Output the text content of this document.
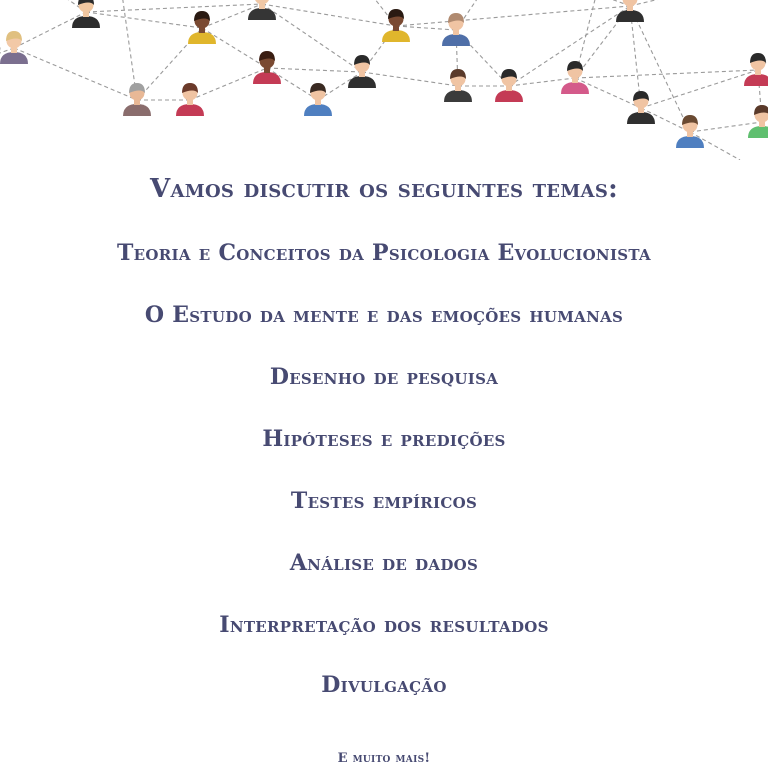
Vamos discutir os seguintes temas:
Teoria e Conceitos da Psicologia Evolucionista
O Estudo da mente e das emoções humanas
Desenho de pesquisa
Hipóteses e predições
Testes empíricos
Análise de dados
Interpretação dos resultados
Divulgação
E muito mais!
